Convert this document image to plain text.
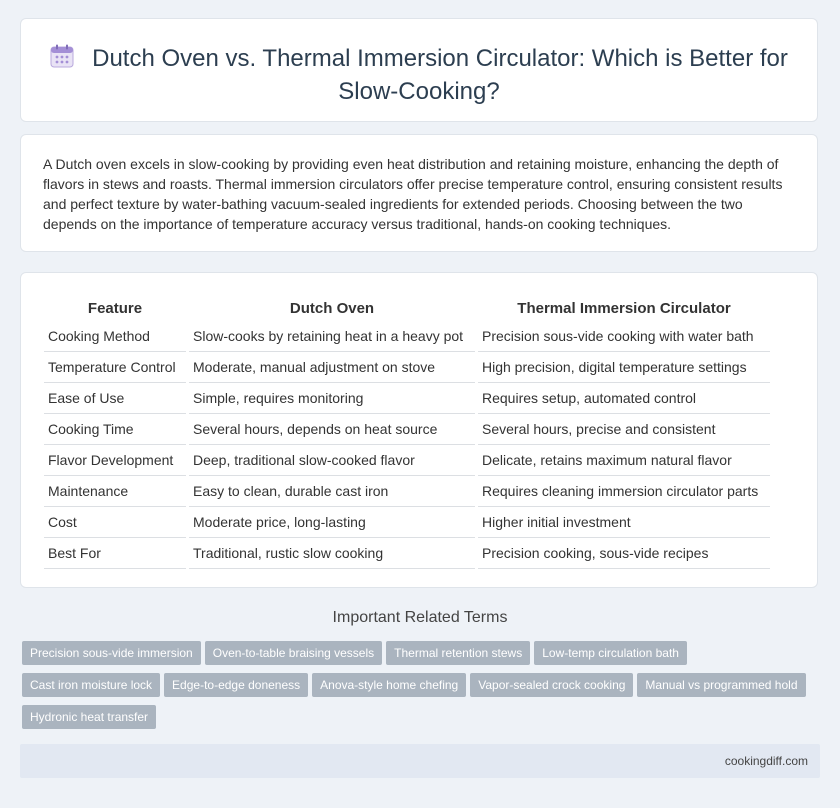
Dutch Oven vs. Thermal Immersion Circulator: Which is Better for Slow-Cooking?

A Dutch oven excels in slow-cooking by providing even heat distribution and retaining moisture, enhancing the depth of flavors in stews and roasts. Thermal immersion circulators offer precise temperature control, ensuring consistent results and perfect texture by water-bathing vacuum-sealed ingredients for extended periods. Choosing between the two depends on the importance of temperature accuracy versus traditional, hands-on cooking techniques.

Feature	Dutch Oven	Thermal Immersion Circulator
Cooking Method	Slow-cooks by retaining heat in a heavy pot	Precision sous-vide cooking with water bath
Temperature Control	Moderate, manual adjustment on stove	High precision, digital temperature settings
Ease of Use	Simple, requires monitoring	Requires setup, automated control
Cooking Time	Several hours, depends on heat source	Several hours, precise and consistent
Flavor Development	Deep, traditional slow-cooked flavor	Delicate, retains maximum natural flavor
Maintenance	Easy to clean, durable cast iron	Requires cleaning immersion circulator parts
Cost	Moderate price, long-lasting	Higher initial investment
Best For	Traditional, rustic slow cooking	Precision cooking, sous-vide recipes
Important Related Terms
Precision sous-vide immersion Oven-to-table braising vessels Thermal retention stews Low-temp circulation bathCast iron moisture lock Edge-to-edge doneness Anova-style home chefing Vapor-sealed crock cooking Manual vs programmed holdHydronic heat transfer
cookingdiff.com
